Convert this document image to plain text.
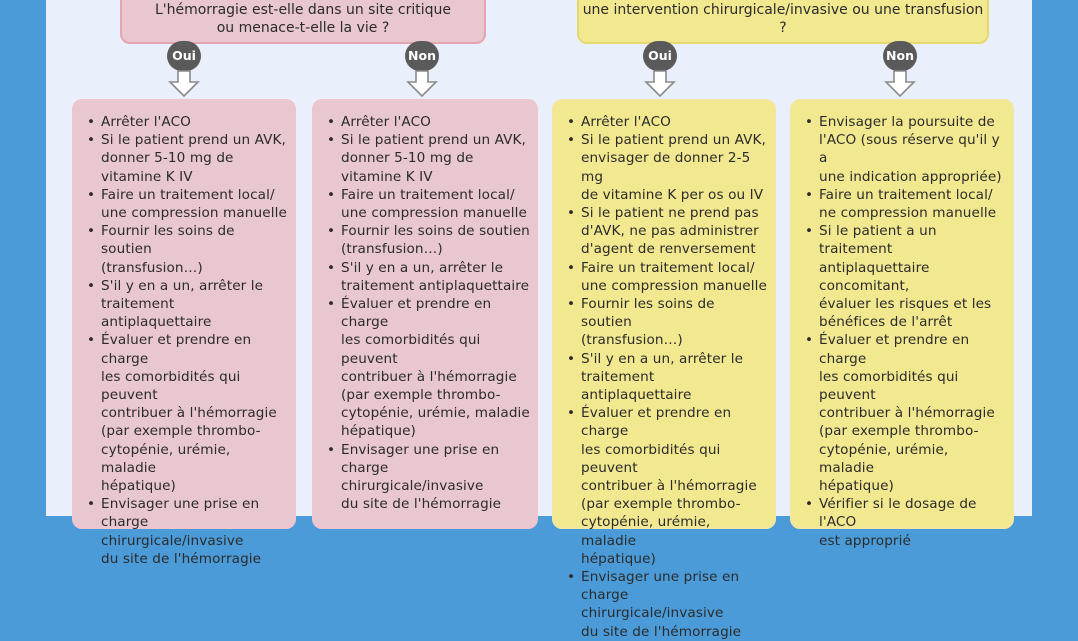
L'hémorragie est-elle dans un site critique
ou menace-t-elle la vie ?

une intervention chirurgicale/invasive ou une transfusion ?
Oui	Non	Oui	Non
• Arrêter l'ACO
• Si le patient prend un AVK,
donner 5-10 mg de
vitamine K IV
• Faire un traitement local/
une compression manuelle
• Fournir les soins de soutien
(transfusion…)
• S'il y en a un, arrêter le
traitement antiplaquettaire
• Évaluer et prendre en charge
les comorbidités qui peuvent
contribuer à l'hémorragie
(par exemple thrombo-
cytopénie, urémie, maladie
hépatique)
• Envisager une prise en
charge chirurgicale/invasive
du site de l'hémorragie
• Arrêter l'ACO
• Si le patient prend un AVK,
donner 5-10 mg de
vitamine K IV
• Faire un traitement local/
une compression manuelle
• Fournir les soins de soutien
(transfusion…)
• S'il y en a un, arrêter le
traitement antiplaquettaire
• Évaluer et prendre en charge
les comorbidités qui peuvent
contribuer à l'hémorragie
(par exemple thrombo-
cytopénie, urémie, maladie
hépatique)
• Envisager une prise en
charge chirurgicale/invasive
du site de l'hémorragie
• Arrêter l'ACO
• Si le patient prend un AVK,
envisager de donner 2-5 mg
de vitamine K per os ou IV
• Si le patient ne prend pas
d'AVK, ne pas administrer
d'agent de renversement
• Faire un traitement local/
une compression manuelle
• Fournir les soins de soutien
(transfusion…)
• S'il y en a un, arrêter le
traitement antiplaquettaire
• Évaluer et prendre en charge
les comorbidités qui peuvent
contribuer à l'hémorragie
(par exemple thrombo-
cytopénie, urémie, maladie
hépatique)
• Envisager une prise en
charge chirurgicale/invasive
du site de l'hémorragie
• Envisager la poursuite de
l'ACO (sous réserve qu'il y a
une indication appropriée)
• Faire un traitement local/
ne compression manuelle
• Si le patient a un traitement
antiplaquettaire concomitant,
évaluer les risques et les
bénéfices de l'arrêt
• Évaluer et prendre en charge
les comorbidités qui peuvent
contribuer à l'hémorragie
(par exemple thrombo-
cytopénie, urémie, maladie
hépatique)
• Vérifier si le dosage de l'ACO
est approprié
